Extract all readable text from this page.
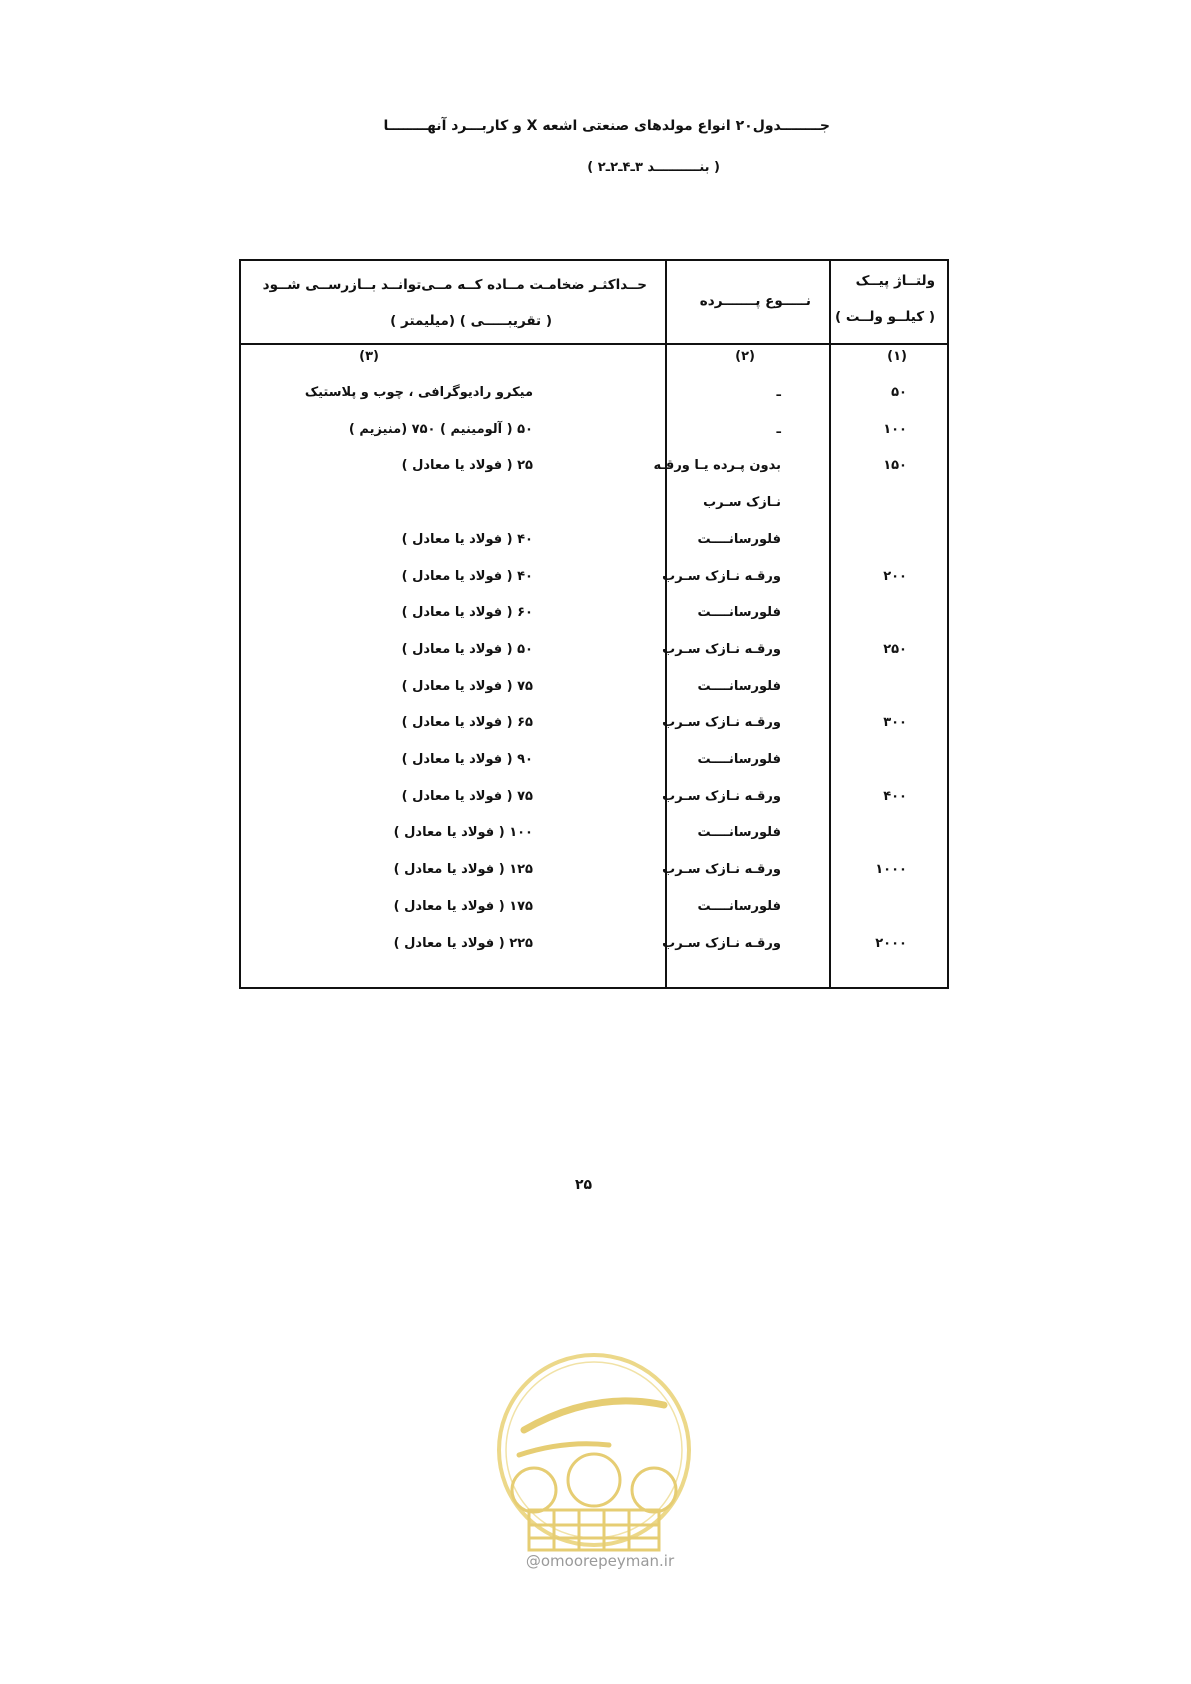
جــــــــدول۲۰ انواع مولدهای صنعتی اشعه X و کاربـــرد آنهــــــــا
( بنــــــــــد ۳ـ۴ـ۲ـ۲ )
ولتــاژ پیــک
( کیلــو ولــت )
نـــــوع پـــــــرده
حــداکثـر ضخامـت مــاده کــه مــی‌توانــد بــازرســی شــود
( تقریبـــــی ) (میلیمتر )
(۱)
(۲)
(۳)
۵۰
ـ
میکرو رادیوگرافی ، چوب و پلاستیک
۱۰۰
ـ
۵۰ ( آلومینیم ) ۷۵۰ (منیزیم )
۱۵۰
بدون پـرده یـا ورقـه
۲۵ ( فولاد یا معادل )
نـازک سـرب
فلورسانــــت
۴۰ ( فولاد یا معادل )
۲۰۰
ورقـه نـازک سـرب
۴۰ ( فولاد یا معادل )
فلورسانــــت
۶۰ ( فولاد یا معادل )
۲۵۰
ورقـه نـازک سـرب
۵۰ ( فولاد یا معادل )
فلورسانــــت
۷۵ ( فولاد یا معادل )
۳۰۰
ورقـه نـازک سـرب
۶۵ ( فولاد یا معادل )
فلورسانــــت
۹۰ ( فولاد یا معادل )
۴۰۰
ورقـه نـازک سـرب
۷۵ ( فولاد یا معادل )
فلورسانــــت
۱۰۰ ( فولاد یا معادل )
۱۰۰۰
ورقـه نـازک سـرب
۱۲۵ ( فولاد یا معادل )
فلورسانــــت
۱۷۵ ( فولاد یا معادل )
۲۰۰۰
ورقـه نـازک سـرب
۲۲۵ ( فولاد یا معادل )
۲۵
@omoorepeyman.ir
